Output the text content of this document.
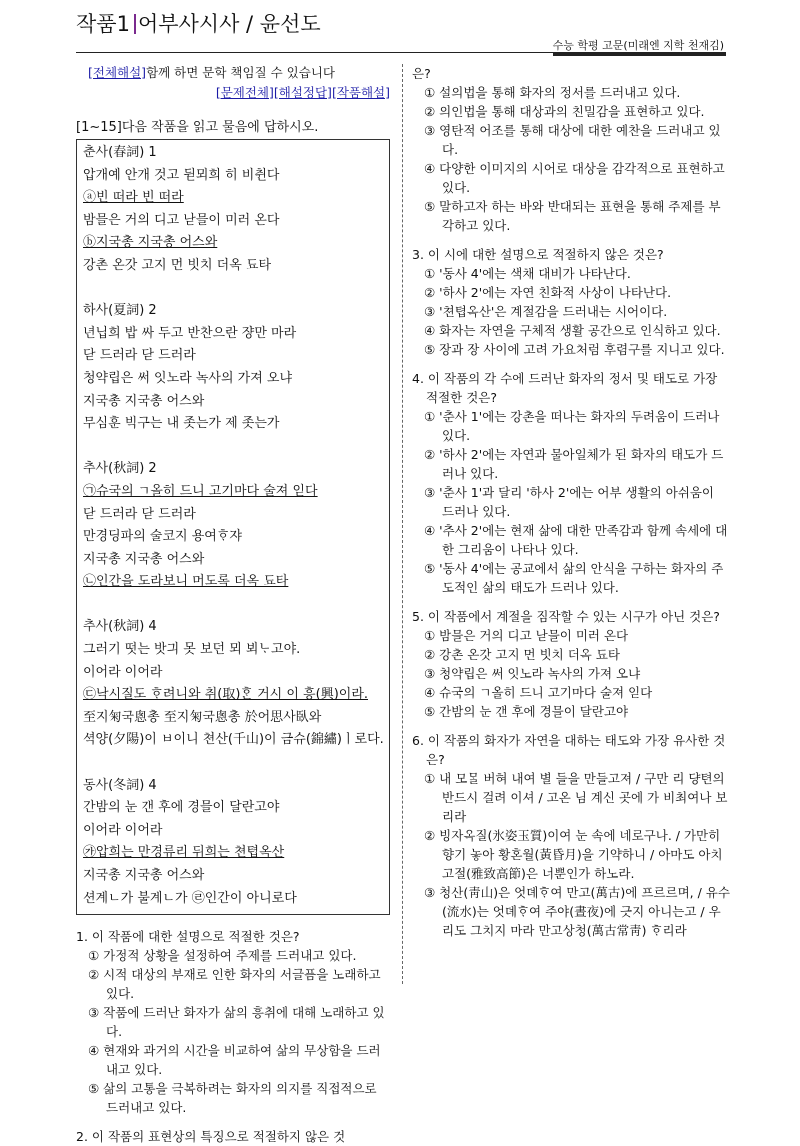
작품1 어부사시사 / 윤선도
수능 학평 고문(미래엔 지학 천재김)
[전체해설]함께 하면 문학 책임질 수 있습니다
[문제전체][해설정답][작품해설]
[1~15]다음 작품을 읽고 물음에 답하시오.
춘사(春詞) 1
압개예 안개 것고 뒫뫼희 히 비췬다
ⓐ빈 떠라 빈 떠라
밤믈은 거의 디고 낟믈이 미러 온다
ⓑ지국총 지국총 어스와
강촌 온갓 고지 먼 빗치 더옥 됴타

하사(夏詞) 2
년닙희 밥 싸 두고 반찬으란 쟝만 마라
닫 드러라 닫 드러라
청약립은 써 잇노라 녹사의 가져 오냐
지국총 지국총 어스와
무심훈 빅구는 내 좃는가 제 좃는가

추사(秋詞) 2
㉠슈국의 ㄱ올히 드니 고기마다 술져 읻다
닫 드러라 닫 드러라
만경딩파의 술코지 용여ᄒᆞ쟈
지국총 지국총 어스와
㉡인간을 도라보니 머도록 더옥 됴타

추사(秋詞) 4
그러기 떳는 밧긔 못 보던 뫼 뵈ᄂᆞ고야.
이어라 이어라
㉢낙시질도 ᄒᆞ려니와 취(取)ᄒᆞᆫ 거시 이 흥(興)이라.
至지匊국悤총 至지匊국悤총 於어思사臥와
셕양(夕陽)이 ㅂ이니 쳔산(千山)이 금슈(錦繡)ㅣ로다.

동사(冬詞) 4
간밤의 눈 갠 후에 경믈이 달란고야
이어라 이어라
㉮압희는 만경류리 뒤희는 쳔텹옥산
지국총 지국총 어스와
션계ㄴ가 불계ㄴ가 ㉣인간이 아니로다
1. 이 작품에 대한 설명으로 적절한 것은?
① 가정적 상황을 설정하여 주제를 드러내고 있다.
② 시적 대상의 부재로 인한 화자의 서글픔을 노래하고 있다.
③ 작품에 드러난 화자가 삶의 흥취에 대해 노래하고 있다.
④ 현재와 과거의 시간을 비교하여 삶의 무상함을 드러내고 있다.
⑤ 삶의 고통을 극복하려는 화자의 의지를 직접적으로 드러내고 있다.
2. 이 작품의 표현상의 특징으로 적절하지 않은 것
은?
① 설의법을 통해 화자의 정서를 드러내고 있다.
② 의인법을 통해 대상과의 친밀감을 표현하고 있다.
③ 영탄적 어조를 통해 대상에 대한 예찬을 드러내고 있다.
④ 다양한 이미지의 시어로 대상을 감각적으로 표현하고 있다.
⑤ 말하고자 하는 바와 반대되는 표현을 통해 주제를 부각하고 있다.
3. 이 시에 대한 설명으로 적절하지 않은 것은?
① '동사 4'에는 색채 대비가 나타난다.
② '하사 2'에는 자연 친화적 사상이 나타난다.
③ '쳔텹옥산'은 계절감을 드러내는 시어이다.
④ 화자는 자연을 구체적 생활 공간으로 인식하고 있다.
⑤ 장과 장 사이에 고려 가요처럼 후렴구를 지니고 있다.
4. 이 작품의 각 수에 드러난 화자의 정서 및 태도로 가장 적절한 것은?
① '춘사 1'에는 강촌을 떠나는 화자의 두려움이 드러나 있다.
② '하사 2'에는 자연과 물아일체가 된 화자의 태도가 드러나 있다.
③ '춘사 1'과 달리 '하사 2'에는 어부 생활의 아쉬움이 드러나 있다.
④ '추사 2'에는 현재 삶에 대한 만족감과 함께 속세에 대한 그리움이 나타나 있다.
⑤ '동사 4'에는 공교에서 삶의 안식을 구하는 화자의 주도적인 삶의 태도가 드러나 있다.
5. 이 작품에서 계절을 짐작할 수 있는 시구가 아닌 것은?
① 밤믈은 거의 디고 낟믈이 미러 온다
② 강촌 온갓 고지 먼 빗치 더옥 됴타
③ 청약립은 써 잇노라 녹사의 가져 오냐
④ 슈국의 ㄱ올히 드니 고기마다 술져 읻다
⑤ 간밤의 눈 갠 후에 경믈이 달란고야
6. 이 작품의 화자가 자연을 대하는 태도와 가장 유사한 것은?
① 내 모ᄆᆞᆯ 버혀 내여 별 들을 만들고져 / 구만 리 댱텬의 반드시 걸려 이셔 / 고온 님 계신 곳에 가 비최여나 보리라
② 빙자옥질(氷姿玉質)이여 눈 속에 네로구나. / 가만히 향기 놓아 황혼월(黃昏月)을 기약하니 / 아마도 아치고절(雅致高節)은 너뿐인가 하노라.
③ 청산(靑山)은 엇뎨ᄒᆞ여 만고(萬古)에 프르르며, / 유수(流水)는 엇뎨ᄒᆞ여 주야(晝夜)에 긋지 아니는고 / 우리도 그치지 마라 만고상청(萬古常靑) ᄒᆞ리라
